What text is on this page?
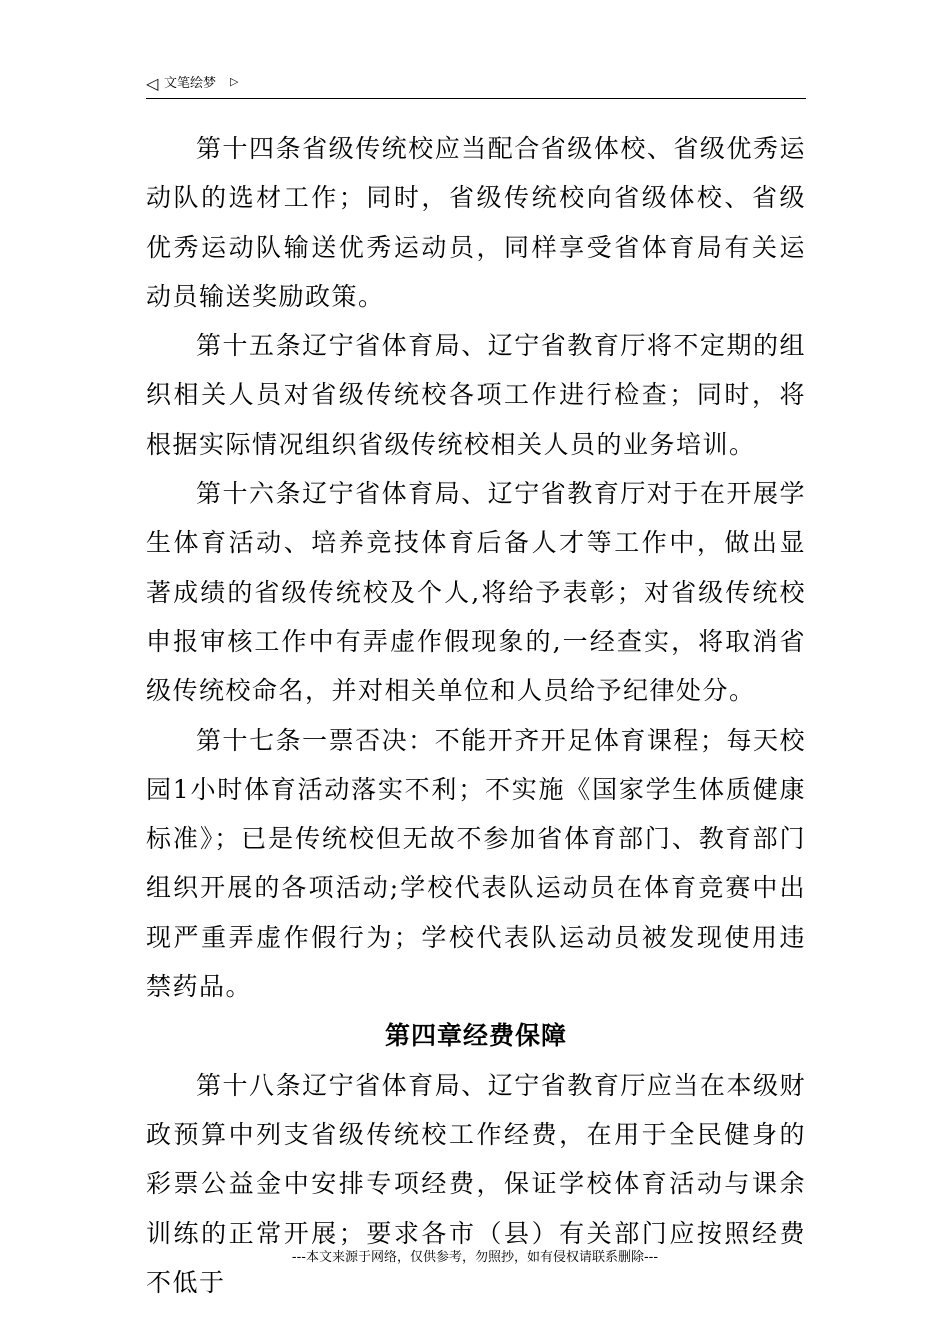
◁ 文笔绘梦 ▷

第十四条省级传统校应当配合省级体校、省级优秀运动队的选材工作；同时，省级传统校向省级体校、省级优秀运动队输送优秀运动员，同样享受省体育局有关运动员输送奖励政策。

第十五条辽宁省体育局、辽宁省教育厅将不定期的组织相关人员对省级传统校各项工作进行检查；同时，将根据实际情况组织省级传统校相关人员的业务培训。

第十六条辽宁省体育局、辽宁省教育厅对于在开展学生体育活动、培养竞技体育后备人才等工作中，做出显著成绩的省级传统校及个人,将给予表彰；对省级传统校申报审核工作中有弄虚作假现象的,一经查实，将取消省级传统校命名，并对相关单位和人员给予纪律处分。

第十七条一票否决：不能开齐开足体育课程；每天校园1小时体育活动落实不利；不实施《国家学生体质健康标准》；已是传统校但无故不参加省体育部门、教育部门组织开展的各项活动;学校代表队运动员在体育竞赛中出现严重弄虚作假行为；学校代表队运动员被发现使用违禁药品。

第四章经费保障

第十八条辽宁省体育局、辽宁省教育厅应当在本级财政预算中列支省级传统校工作经费，在用于全民健身的彩票公益金中安排专项经费，保证学校体育活动与课余训练的正常开展；要求各市（县）有关部门应按照经费不低于

---本文来源于网络，仅供参考，勿照抄，如有侵权请联系删除---
